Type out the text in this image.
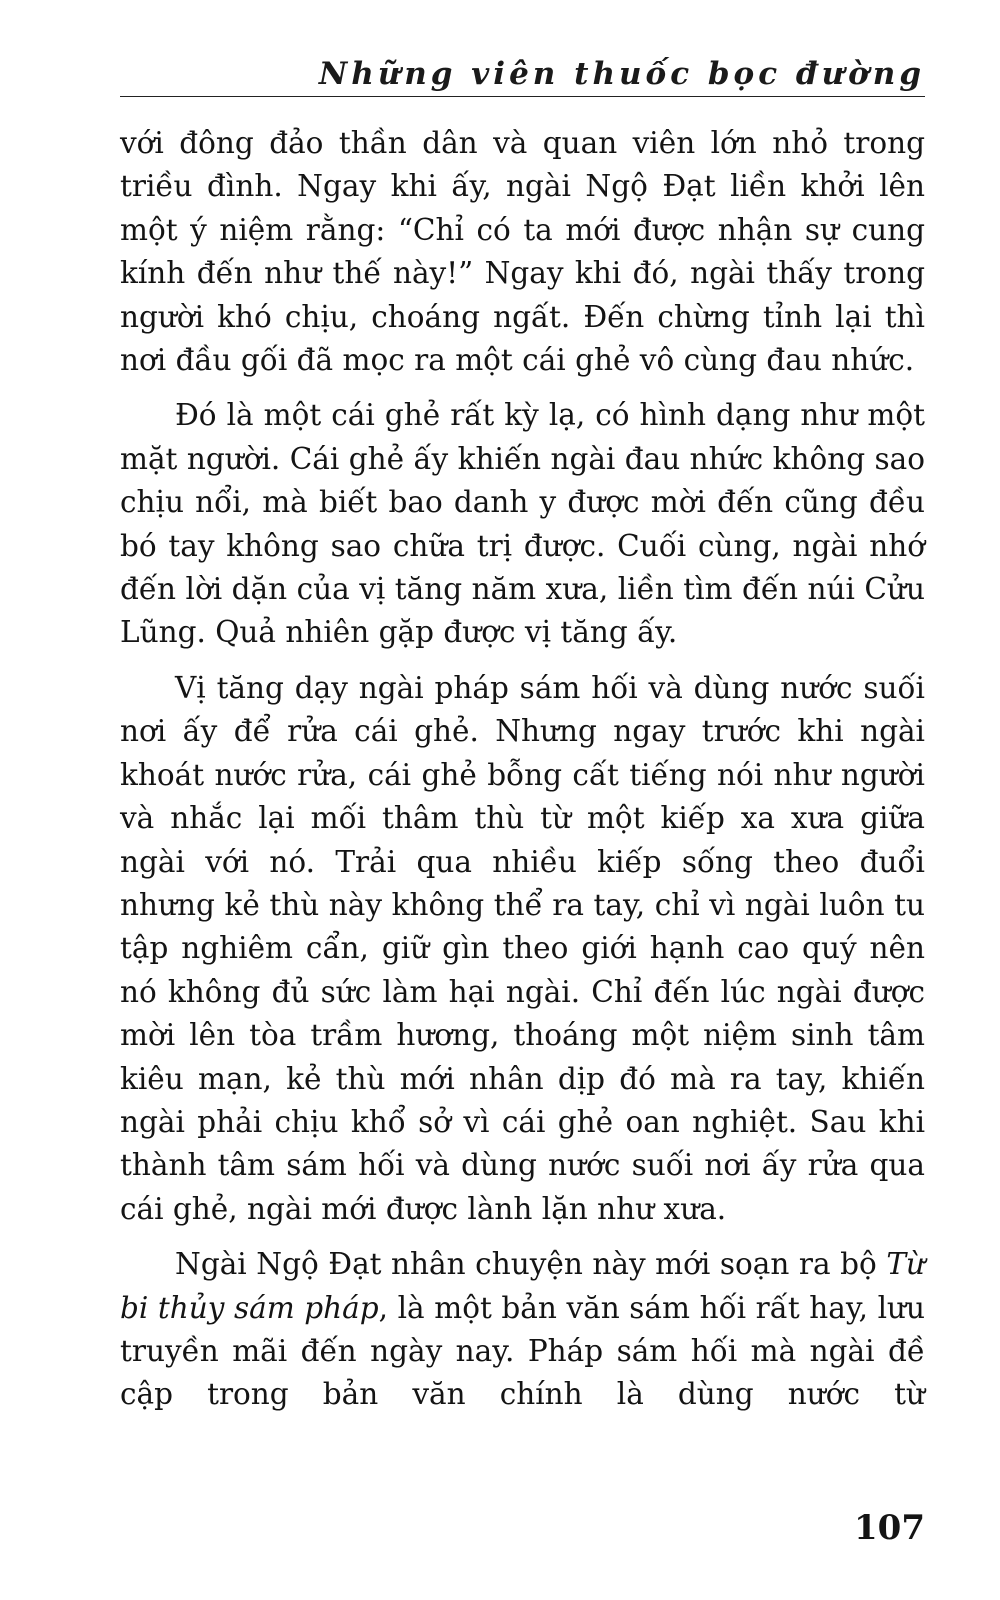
Những viên thuốc bọc đường

với đông đảo thần dân và quan viên lớn nhỏ trong triều đình. Ngay khi ấy, ngài Ngộ Đạt liền khởi lên một ý niệm rằng: “Chỉ có ta mới được nhận sự cung kính đến như thế này!” Ngay khi đó, ngài thấy trong người khó chịu, choáng ngất. Đến chừng tỉnh lại thì nơi đầu gối đã mọc ra một cái ghẻ vô cùng đau nhức.

Đó là một cái ghẻ rất kỳ lạ, có hình dạng như một mặt người. Cái ghẻ ấy khiến ngài đau nhức không sao chịu nổi, mà biết bao danh y được mời đến cũng đều bó tay không sao chữa trị được. Cuối cùng, ngài nhớ đến lời dặn của vị tăng năm xưa, liền tìm đến núi Cửu Lũng. Quả nhiên gặp được vị tăng ấy.

Vị tăng dạy ngài pháp sám hối và dùng nước suối nơi ấy để rửa cái ghẻ. Nhưng ngay trước khi ngài khoát nước rửa, cái ghẻ bỗng cất tiếng nói như người và nhắc lại mối thâm thù từ một kiếp xa xưa giữa ngài với nó. Trải qua nhiều kiếp sống theo đuổi nhưng kẻ thù này không thể ra tay, chỉ vì ngài luôn tu tập nghiêm cẩn, giữ gìn theo giới hạnh cao quý nên nó không đủ sức làm hại ngài. Chỉ đến lúc ngài được mời lên tòa trầm hương, thoáng một niệm sinh tâm kiêu mạn, kẻ thù mới nhân dịp đó mà ra tay, khiến ngài phải chịu khổ sở vì cái ghẻ oan nghiệt. Sau khi thành tâm sám hối và dùng nước suối nơi ấy rửa qua cái ghẻ, ngài mới được lành lặn như xưa.

Ngài Ngộ Đạt nhân chuyện này mới soạn ra bộ Từ bi thủy sám pháp, là một bản văn sám hối rất hay, lưu truyền mãi đến ngày nay. Pháp sám hối mà ngài đề cập trong bản văn chính là dùng nước từ

107
